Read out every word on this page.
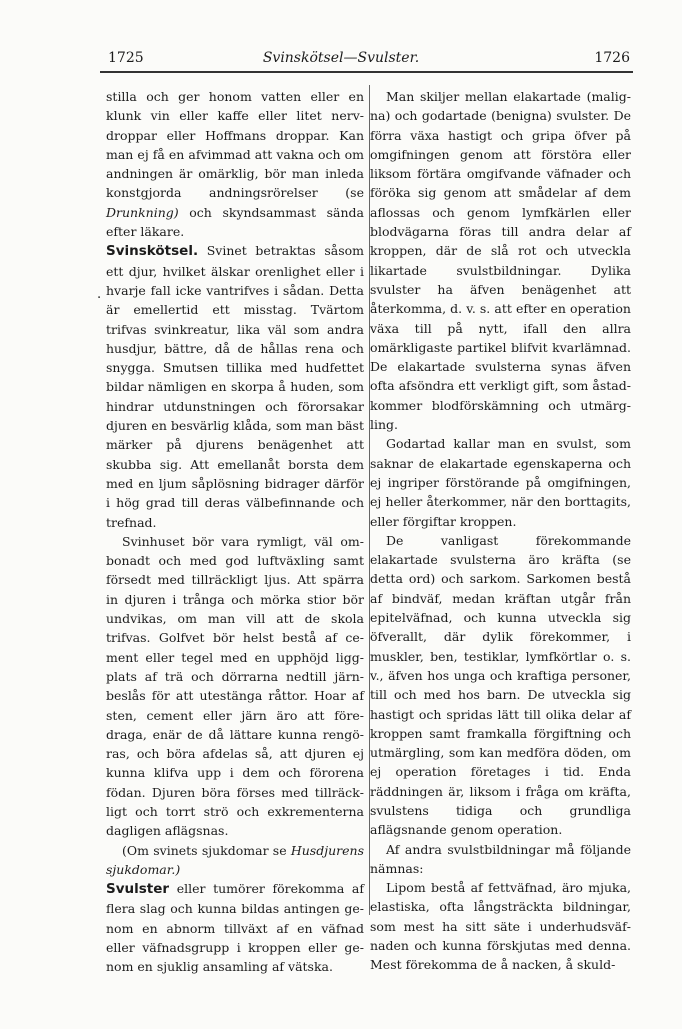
1725	Svinskötsel—Svulster.	1726
.

stilla och ger honom vatten eller en klunk vin eller kaffe eller litet nervdroppar eller Hoffmans droppar. Kan man ej få en afvimmad att vakna och om andningen är omärklig, bör man inleda konstgjorda andningsrörelser (se Drunkning) och skyndsammast sända efter läkare.

Svinskötsel. Svinet betraktas såsom ett djur, hvilket älskar orenlighet eller i hvarje fall icke vantrifves i sådan. Detta är emellertid ett misstag. Tvärtom trifvas svinkreatur, lika väl som andra husdjur, bättre, då de hållas rena och snygga. Smutsen tillika med hudfettet bildar nämligen en skorpa å huden, som hindrar utdunstningen och förorsakar djuren en besvärlig klåda, som man bäst märker på djurens benägenhet att skubba sig. Att emellanåt borsta dem med en ljum såplösning bidrager därför i hög grad till deras välbefinnande och trefnad.

Svinhuset bör vara rymligt, väl ombonadt och med god luftväxling samt försedt med tillräckligt ljus. Att spärra in djuren i trånga och mörka stior bör undvikas, om man vill att de skola trifvas. Golfvet bör helst bestå af cement eller tegel med en upphöjd liggplats af trä och dörrarna nedtill järnbeslås för att utestänga råttor. Hoar af sten, cement eller järn äro att föredraga, enär de då lättare kunna rengöras, och böra afdelas så, att djuren ej kunna klifva upp i dem och förorena födan. Djuren böra förses med tillräckligt och torrt strö och exkrementerna dagligen aflägsnas.

(Om svinets sjukdomar se Husdjurens sjukdomar.)

Svulster eller tumörer förekomma af flera slag och kunna bildas antingen genom en abnorm tillväxt af en väfnad eller väfnadsgrupp i kroppen eller genom en sjuklig ansamling af vätska.

Man skiljer mellan elakartade (maligna) och godartade (benigna) svulster. De förra växa hastigt och gripa öfver på omgifningen genom att förstöra eller liksom förtära omgifvande väfnader och föröka sig genom att smådelar af dem aflossas och genom lymfkärlen eller blodvägarna föras till andra delar af kroppen, där de slå rot och utveckla likartade svulstbildningar. Dylika svulster ha äfven benägenhet att återkomma, d. v. s. att efter en operation växa till på nytt, ifall den allra omärkligaste partikel blifvit kvarlämnad. De elakartade svulsterna synas äfven ofta afsöndra ett verkligt gift, som åstadkommer blodförskämning och utmärgling.

Godartad kallar man en svulst, som saknar de elakartade egenskaperna och ej ingriper förstörande på omgifningen, ej heller återkommer, när den borttagits, eller förgiftar kroppen.

De vanligast förekommande elakartade svulsterna äro kräfta (se detta ord) och sarkom. Sarkomen bestå af bindväf, medan kräftan utgår från epitelväfnad, och kunna utveckla sig öfverallt, där dylik förekommer, i muskler, ben, testiklar, lymfkörtlar o. s. v., äfven hos unga och kraftiga personer, till och med hos barn. De utveckla sig hastigt och spridas lätt till olika delar af kroppen samt framkalla förgiftning och utmärgling, som kan medföra döden, om ej operation företages i tid. Enda räddningen är, liksom i fråga om kräfta, svulstens tidiga och grundliga aflägsnande genom operation.

Af andra svulstbildningar må följande nämnas:

Lipom bestå af fettväfnad, äro mjuka, elastiska, ofta långsträckta bildningar, som mest ha sitt säte i underhudsväfnaden och kunna förskjutas med denna. Mest förekomma de å nacken, å skuld-
